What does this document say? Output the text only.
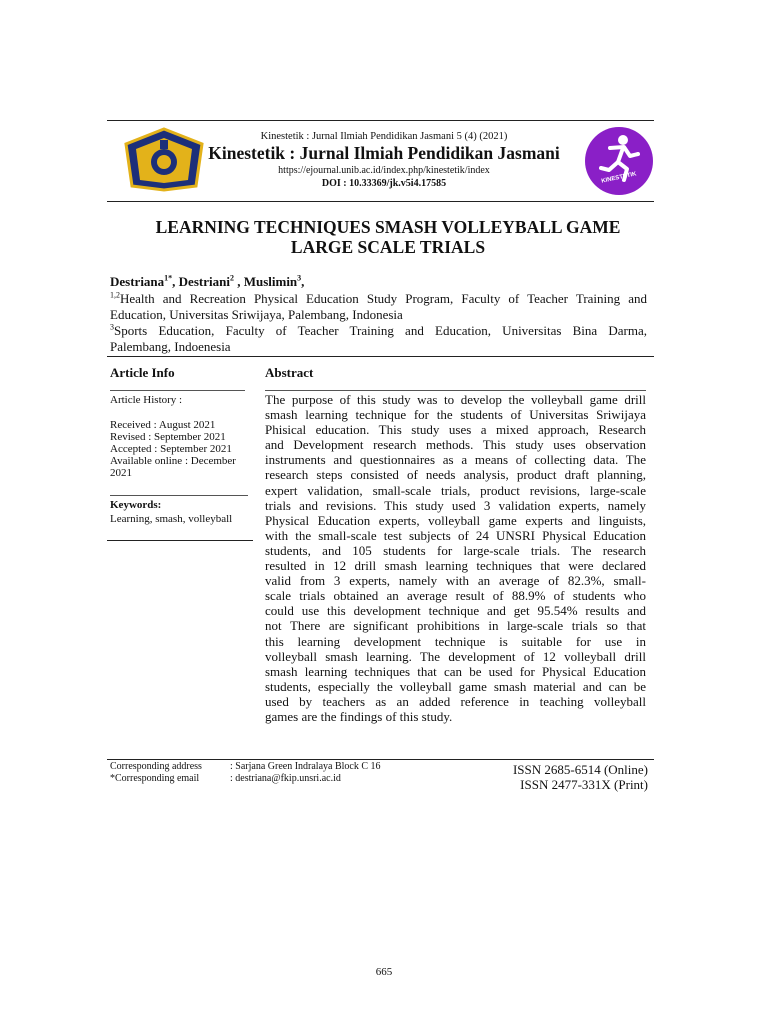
Kinestetik : Jurnal Ilmiah Pendidikan Jasmani 5 (4) (2021)
Kinestetik : Jurnal Ilmiah Pendidikan Jasmani
https://ejournal.unib.ac.id/index.php/kinestetik/index
DOI : 10.33369/jk.v5i4.17585	KINESTETIK
LEARNING TECHNIQUES SMASH VOLLEYBALL GAME
LARGE SCALE TRIALS
Destriana$^{1*}$, Destriani$^2$ , Muslimin$^3$,
$^{1,2}$Health and Recreation Physical Education Study Program, Faculty of Teacher Training and
Education, Universitas Sriwijaya, Palembang, Indonesia
$^3$Sports Education, Faculty of Teacher Training and Education, Universitas Bina Darma,
Palembang, Indoenesia
Article Info
Article History :
Received : August 2021
Revised : September 2021
Accepted : September 2021
Available online : December
2021
Keywords:
Learning, smash, volleyball
Abstract
The purpose of this study was to develop the volleyball game drill
smash learning technique for the students of Universitas Sriwijaya
Phisical education. This study uses a mixed approach, Research
and Development research methods. This study uses observation
instruments and questionnaires as a means of collecting data. The
research steps consisted of needs analysis, product draft planning,
expert validation, small-scale trials, product revisions, large-scale
trials and revisions. This study used 3 validation experts, namely
Physical Education experts, volleyball game experts and linguists,
with the small-scale test subjects of 24 UNSRI Physical Education
students, and 105 students for large-scale trials. The research
resulted in 12 drill smash learning techniques that were declared
valid from 3 experts, namely with an average of 82.3%, small-
scale trials obtained an average result of 88.9% of students who
could use this development technique and get 95.54% results and
not There are significant prohibitions in large-scale trials so that
this learning development technique is suitable for use in
volleyball smash learning. The development of 12 volleyball drill
smash learning techniques that can be used for Physical Education
students, especially the volleyball game smash material and can be
used by teachers as an added reference in teaching volleyball
games are the findings of this study.
Corresponding address	: Sarjana Green Indralaya Block C 16
*Corresponding email	: destriana@fkip.unsri.ac.id
ISSN 2685-6514 (Online)
ISSN 2477-331X (Print)
665
